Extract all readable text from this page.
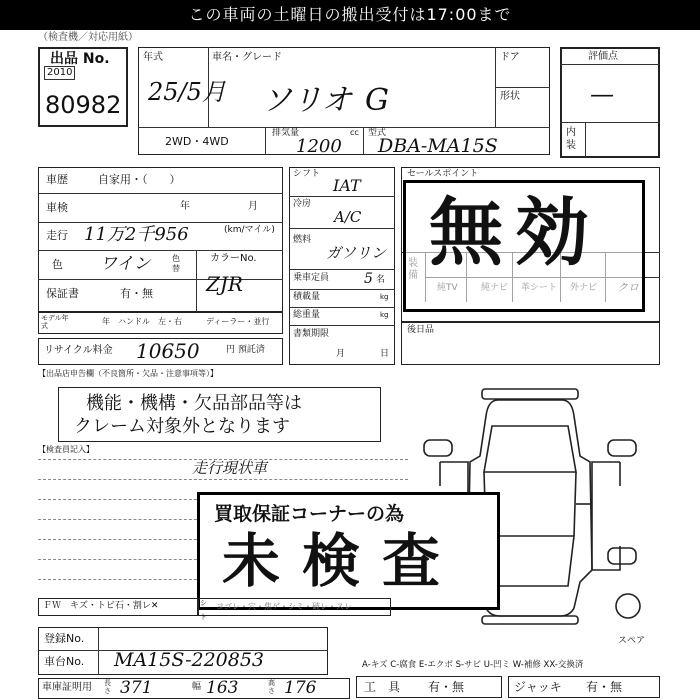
この車両の土曜日の搬出受付は17:00まで
（検査機／対応用紙）
出品 No.
2010
80982
年式
25/5月
車名・グレード
ソリオ G
ドア
形状
2WD・4WD
排気量	cc
1200
型式
DBA-MA15S
評価点
—
内装
車歴	自家用・（　　）
車検	年	月
走行 11万2千956	(km/マイル)
色 ワイン	色替
カラーNo.
ZJR
保証書	有・無
モデル年式	年　ハンドル　左・右	ディーラー・並行
リサイクル料金 10650	円 預託済
シフト
IAT
冷房
A/C
燃料
ガソリン
乗車定員 5 名
積載量	kg
総重量	kg
書類期限
月	日
セールスポイント
無効
後日品
【出品店申告欄（不良箇所・欠品・注意事項等）】
機能・機構・欠品部品等は
クレーム対象外となります
【検査員記入】
走行現状車
スペア
買取保証コーナーの為
未検査
ＦＷ　キズ・トビ石・割レ✕	シート
ヨゴレ・穴・焦ゲ・シミ・破レ・スレ
登録No.
車台No. MA15S-220853	A-キズ C-腐食 E-エクボ S-サビ U-凹ミ W-補修 XX-交換済
車庫証明用 長さ 371	幅 163	高さ 176	工　具 有・無	ジャッキ 有・無
